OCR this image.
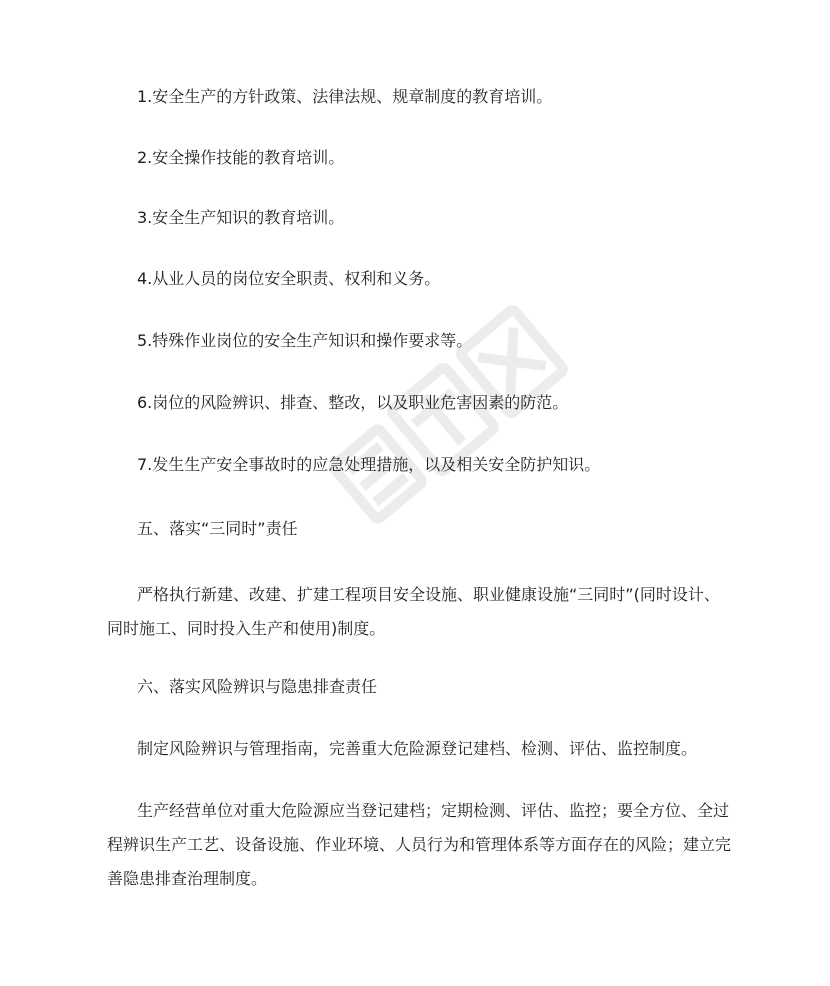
1.安全生产的方针政策、法律法规、规章制度的教育培训。
2.安全操作技能的教育培训。
3.安全生产知识的教育培训。
4.从业人员的岗位安全职责、权利和义务。
5.特殊作业岗位的安全生产知识和操作要求等。
6.岗位的风险辨识、排查、整改，以及职业危害因素的防范。
7.发生生产安全事故时的应急处理措施，以及相关安全防护知识。
五、落实“三同时”责任
严格执行新建、改建、扩建工程项目安全设施、职业健康设施“三同时”(同时设计、
同时施工、同时投入生产和使用)制度。
六、落实风险辨识与隐患排查责任
制定风险辨识与管理指南，完善重大危险源登记建档、检测、评估、监控制度。
生产经营单位对重大危险源应当登记建档；定期检测、评估、监控；要全方位、全过
程辨识生产工艺、设备设施、作业环境、人员行为和管理体系等方面存在的风险；建立完
善隐患排查治理制度。
